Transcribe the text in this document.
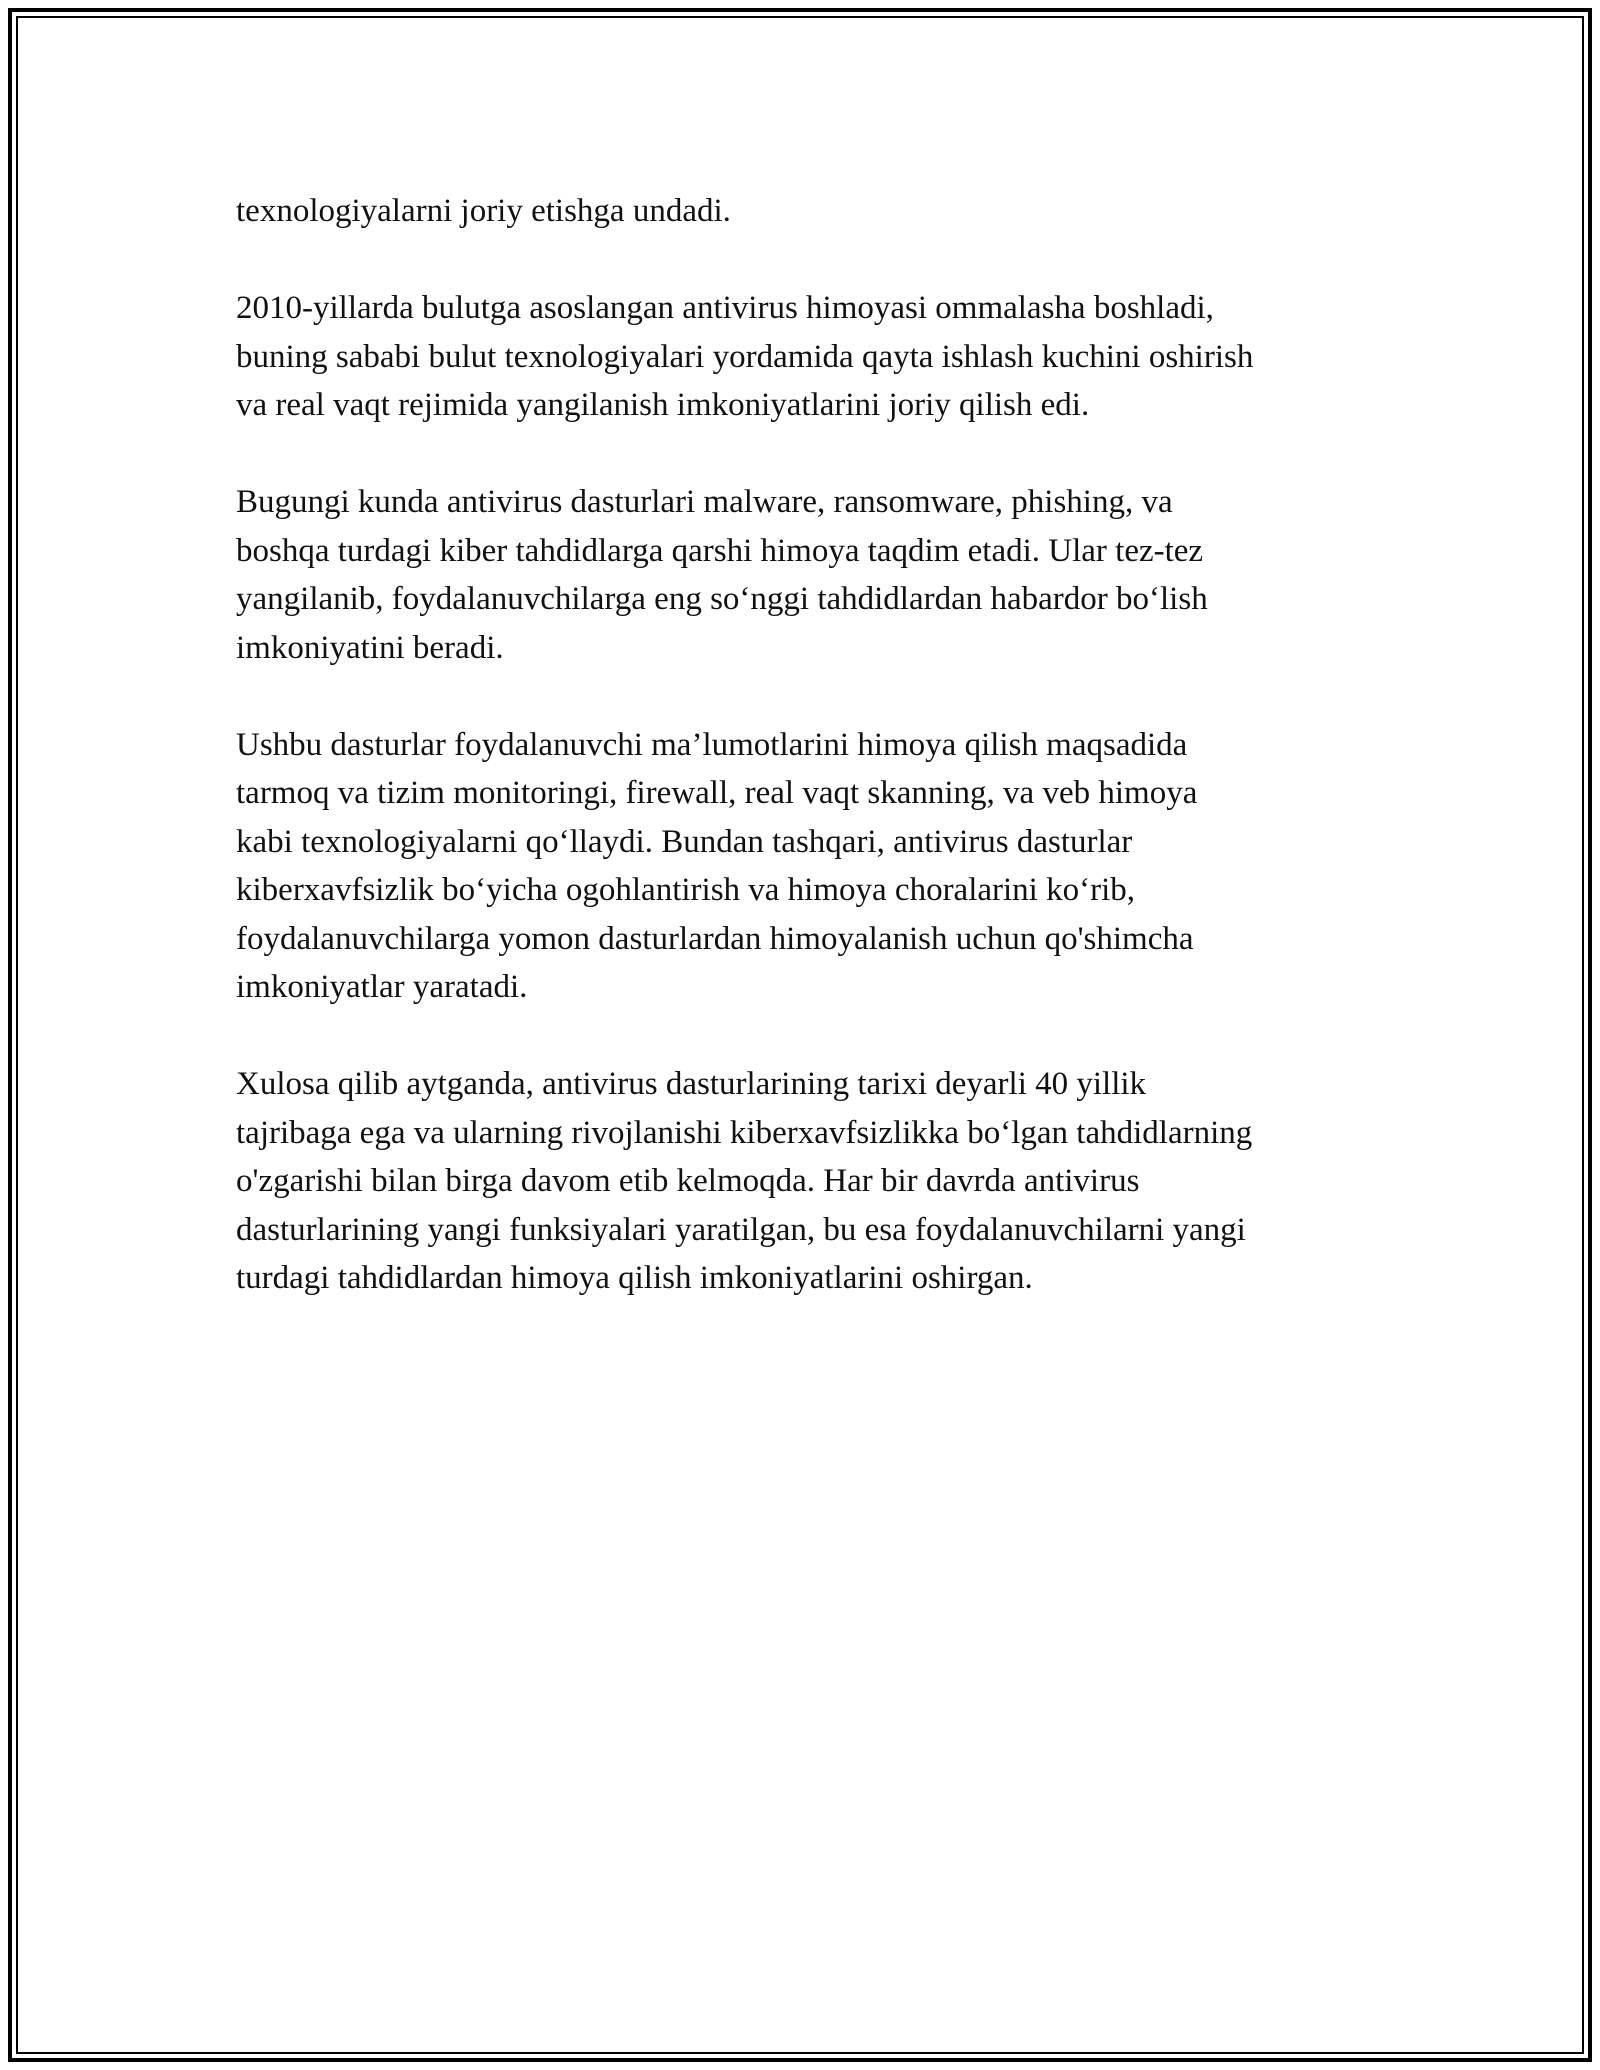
texnologiyalarni joriy etishga undadi.

2010-yillarda bulutga asoslangan antivirus himoyasi ommalasha boshladi,
buning sababi bulut texnologiyalari yordamida qayta ishlash kuchini oshirish
va real vaqt rejimida yangilanish imkoniyatlarini joriy qilish edi.

Bugungi kunda antivirus dasturlari malware, ransomware, phishing, va
boshqa turdagi kiber tahdidlarga qarshi himoya taqdim etadi. Ular tez-tez
yangilanib, foydalanuvchilarga eng so‘nggi tahdidlardan habardor bo‘lish
imkoniyatini beradi.

Ushbu dasturlar foydalanuvchi ma’lumotlarini himoya qilish maqsadida
tarmoq va tizim monitoringi, firewall, real vaqt skanning, va veb himoya
kabi texnologiyalarni qo‘llaydi. Bundan tashqari, antivirus dasturlar
kiberxavfsizlik bo‘yicha ogohlantirish va himoya choralarini ko‘rib,
foydalanuvchilarga yomon dasturlardan himoyalanish uchun qo'shimcha
imkoniyatlar yaratadi.

Xulosa qilib aytganda, antivirus dasturlarining tarixi deyarli 40 yillik
tajribaga ega va ularning rivojlanishi kiberxavfsizlikka bo‘lgan tahdidlarning
o'zgarishi bilan birga davom etib kelmoqda. Har bir davrda antivirus
dasturlarining yangi funksiyalari yaratilgan, bu esa foydalanuvchilarni yangi
turdagi tahdidlardan himoya qilish imkoniyatlarini oshirgan.
